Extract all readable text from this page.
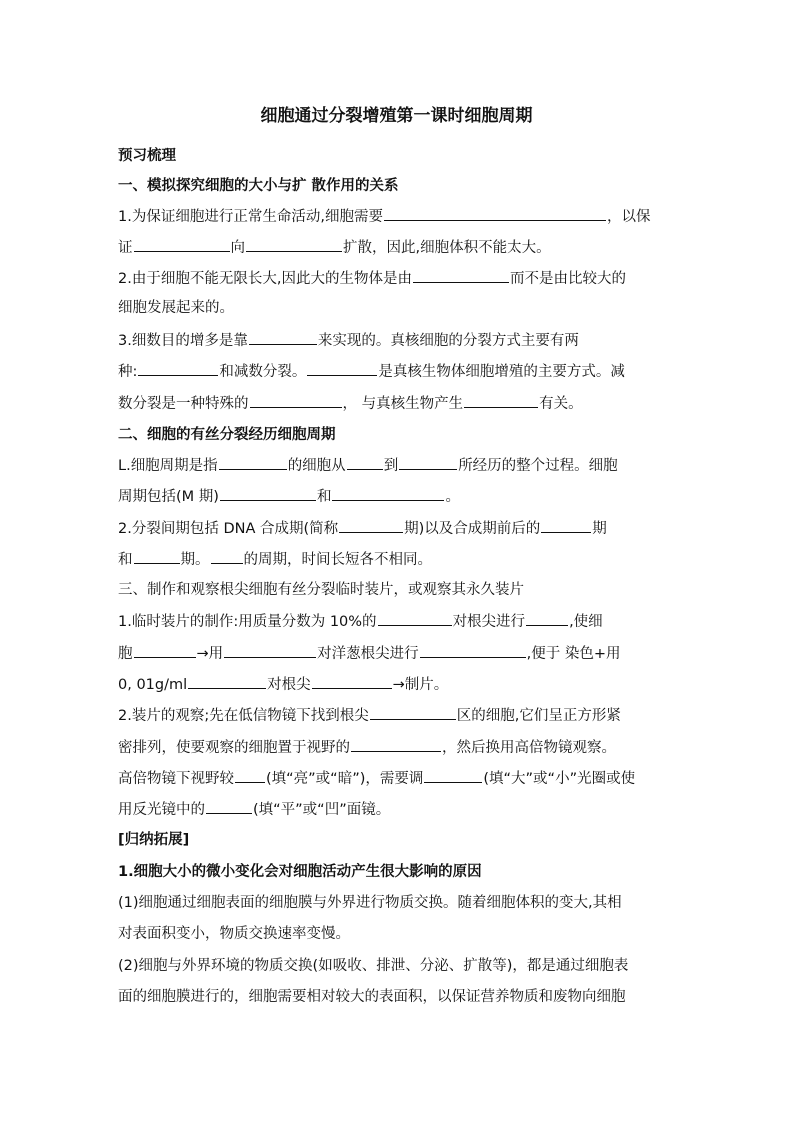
细胞通过分裂增殖第一课时细胞周期
预习梳理
一、模拟探究细胞的大小与扩 散作用的关系
1.为保证细胞进行正常生命活动,细胞需要	，以保
证	向	扩散，因此,细胞体积不能太大。
2.由于细胞不能无限长大,因此大的生物体是由	而不是由比较大的
细胞发展起来的。
3.细数目的增多是靠	来实现的。真核细胞的分裂方式主要有两
种:	和减数分裂。	是真核生物体细胞增殖的主要方式。减
数分裂是一种特殊的	， 与真核生物产生	有关。
二、细胞的有丝分裂经历细胞周期
L.细胞周期是指	的细胞从	到	所经历的整个过程。细胞
周期包括(M 期)	和	。
2.分裂间期包括 DNA 合成期(简称	期)以及合成期前后的	期
和	期。 的周期，时间长短各不相同。
三、制作和观察根尖细胞有丝分裂临时装片，或观察其永久装片
1.临时装片的制作:用质量分数为 10%的	对根尖进行	,使细
胞	→用	对洋葱根尖进行	,便于 染色+用
0, 01g/ml	对根尖	→制片。
2.装片的观察;先在低信物镜下找到根尖	区的细胞,它们呈正方形紧
密排列，使要观察的细胞置于视野的	，然后换用高倍物镜观察。
高倍物镜下视野较 (填“亮”或“暗”)，需要调	(填“大”或“小”光圈或使
用反光镜中的	(填“平”或“凹”面镜。
[归纳拓展]
1.细胞大小的微小变化会对细胞活动产生很大影响的原因
(1)细胞通过细胞表面的细胞膜与外界进行物质交换。随着细胞体积的变大,其相
对表面积变小，物质交换速率变慢。
(2)细胞与外界环境的物质交换(如吸收、排泄、分泌、扩散等)，都是通过细胞表
面的细胞膜进行的，细胞需要相对较大的表面积，以保证营养物质和废物向细胞
